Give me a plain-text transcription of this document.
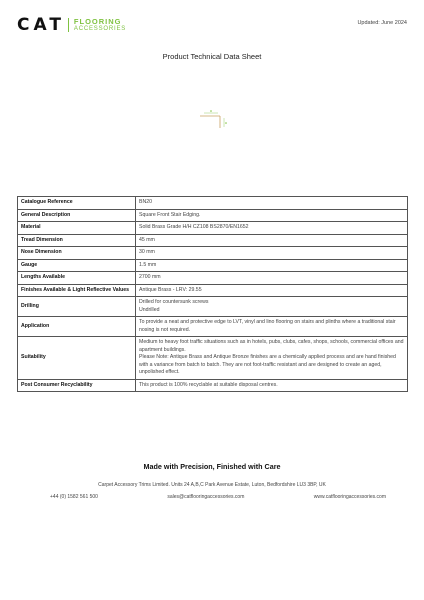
CAT FLOORING
ACCESSORIES
Updated: June 2024
Product Technical Data Sheet
Catalogue Reference	BN20

General Description	Square Front Stair Edging.

Material	Solid Brass Grade H/H CZ108 BS2870/EN1652

Tread Dimension	45 mm

Nose Dimension	30 mm

Gauge	1.5 mm

Lengths Available	2700 mm

Finishes Available & Light Reflective Values	Antique Brass - LRV: 29.55

Drilling	Drilled for countersunk screws
Undrilled

Application	To provide a neat and protective edge to LVT, vinyl and lino flooring on stairs and plinths where a traditional stair nosing is not required.

Suitability	Medium to heavy foot traffic situations such as in hotels, pubs, clubs, cafes, shops, schools, commercial offices and apartment buildings.
Please Note: Antique Brass and Antique Bronze finishes are a chemically applied process and are hand finished with a variance from batch to batch. They are not foot-traffic resistant and are designed to create an aged, unpolished effect.

Post Consumer Recyclability	This product is 100% recyclable at suitable disposal centres.
Made with Precision, Finished with Care
Carpet Accessory Trims Limited. Units 24 A,B,C Park Avenue Estate, Luton, Bedfordshire LU3 3BP, UK
+44 (0) 1582 561 500	sales@catflooringaccessories.com	www.catflooringaccessories.com
